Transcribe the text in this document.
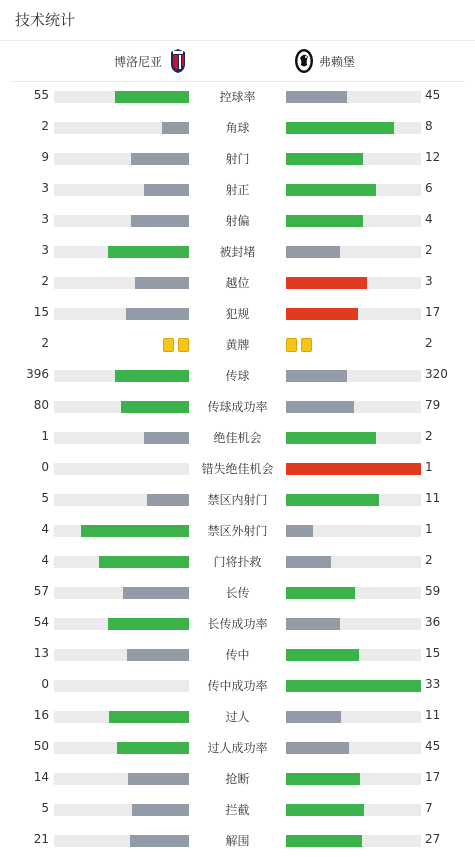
技术统计
博洛尼亚	弗赖堡
55	控球率	45
2	角球	8
9	射门	12
3	射正	6
3	射偏	4
3	被封堵	2
2	越位	3
15	犯规	17
2	黄牌	2
396	传球	320
80	传球成功率	79
1	绝佳机会	2
0	错失绝佳机会	1
5	禁区内射门	11
4	禁区外射门	1
4	门将扑救	2
57	长传	59
54	长传成功率	36
13	传中	15
0	传中成功率	33
16	过人	11
50	过人成功率	45
14	抢断	17
5	拦截	7
21	解围	27
